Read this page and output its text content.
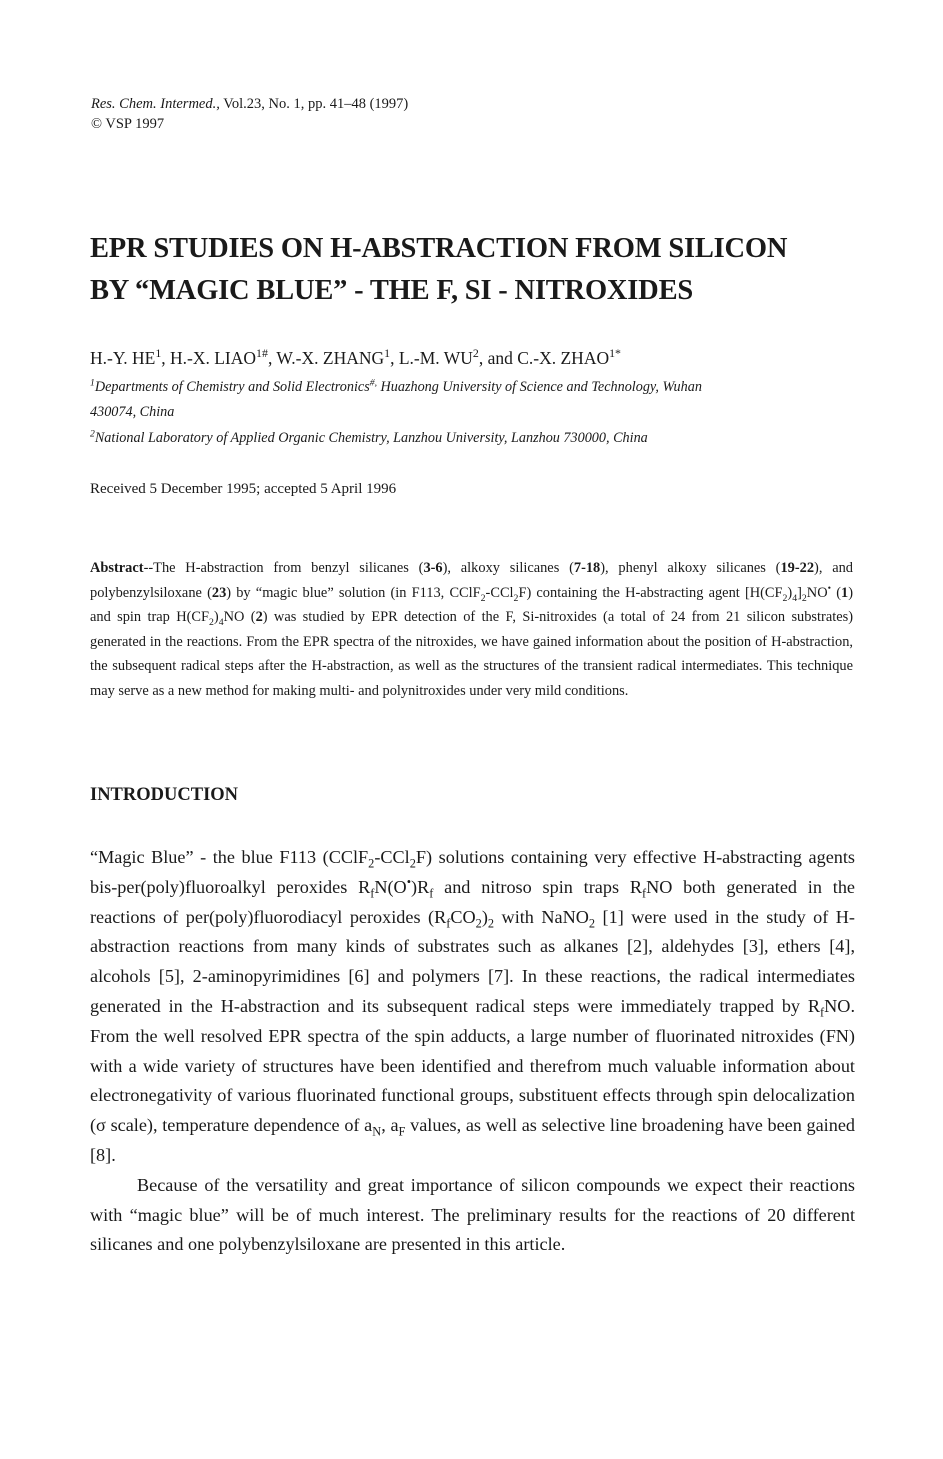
Res. Chem. Intermed., Vol.23, No. 1, pp. 41–48 (1997)
© VSP 1997
EPR STUDIES ON H-ABSTRACTION FROM SILICON
BY “MAGIC BLUE” - THE F, SI - NITROXIDES
H.-Y. $HE^1$, H.-X. $LIAO^{1\#}$, W.-X. ZHANG$^1$, L.-M. $WU^2$, and C.-X. $ZHAO^{1*}$
$^1$Departments of Chemistry and Solid Electronics#, Huazhong University of Science and Technology, Wuhan
430074, China
$^2$National Laboratory of Applied Organic Chemistry, Lanzhou University, Lanzhou 730000, China
Received 5 December 1995; accepted 5 April 1996
Abstract--The H-abstraction from benzyl silicanes (3-6), alkoxy silicanes (7-18), phenyl alkoxy silicanes (19-22), and polybenzylsiloxane (23) by “magic blue” solution (in F113, CClF$_2$-CCl$_2$F) containing the H-abstracting agent $[H(CF_2)_4]_2NO^•$ (1) and spin trap $H(CF_2)_4NO$ (2) was studied by EPR detection of the F, Si-nitroxides (a total of 24 from 21 silicon substrates) generated in the reactions. From the EPR spectra of the nitroxides, we have gained information about the position of H-abstraction, the subsequent radical steps after the H-abstraction, as well as the structures of the transient radical intermediates. This technique may serve as a new method for making multi- and polynitroxides under very mild conditions.
INTRODUCTION

“Magic Blue” - the blue F113 (CClF$_2$-CCl$_2$F) solutions containing very effective H-abstracting agents bis-per(poly)fluoroalkyl peroxides $R_fN(O^•)R_f$ and nitroso spin traps $R_fNO$ both generated in the reactions of per(poly)fluorodiacyl peroxides $(R_fCO_2)_2$ with NaNO$_2$ [1] were used in the study of H-abstraction reactions from many kinds of substrates such as alkanes [2], aldehydes [3], ethers [4], alcohols [5], 2-aminopyrimidines [6] and polymers [7]. In these reactions, the radical intermediates generated in the H-abstraction and its subsequent radical steps were immediately trapped by $R_fNO$. From the well resolved EPR spectra of the spin adducts, a large number of fluorinated nitroxides (FN) with a wide variety of structures have been identified and therefrom much valuable information about electronegativity of various fluorinated functional groups, substituent effects through spin delocalization (σ scale), temperature dependence of $a_N$, $a_F$ values, as well as selective line broadening have been gained [8].

Because of the versatility and great importance of silicon compounds we expect their reactions with “magic blue” will be of much interest. The preliminary results for the reactions of 20 different silicanes and one polybenzylsiloxane are presented in this article.
